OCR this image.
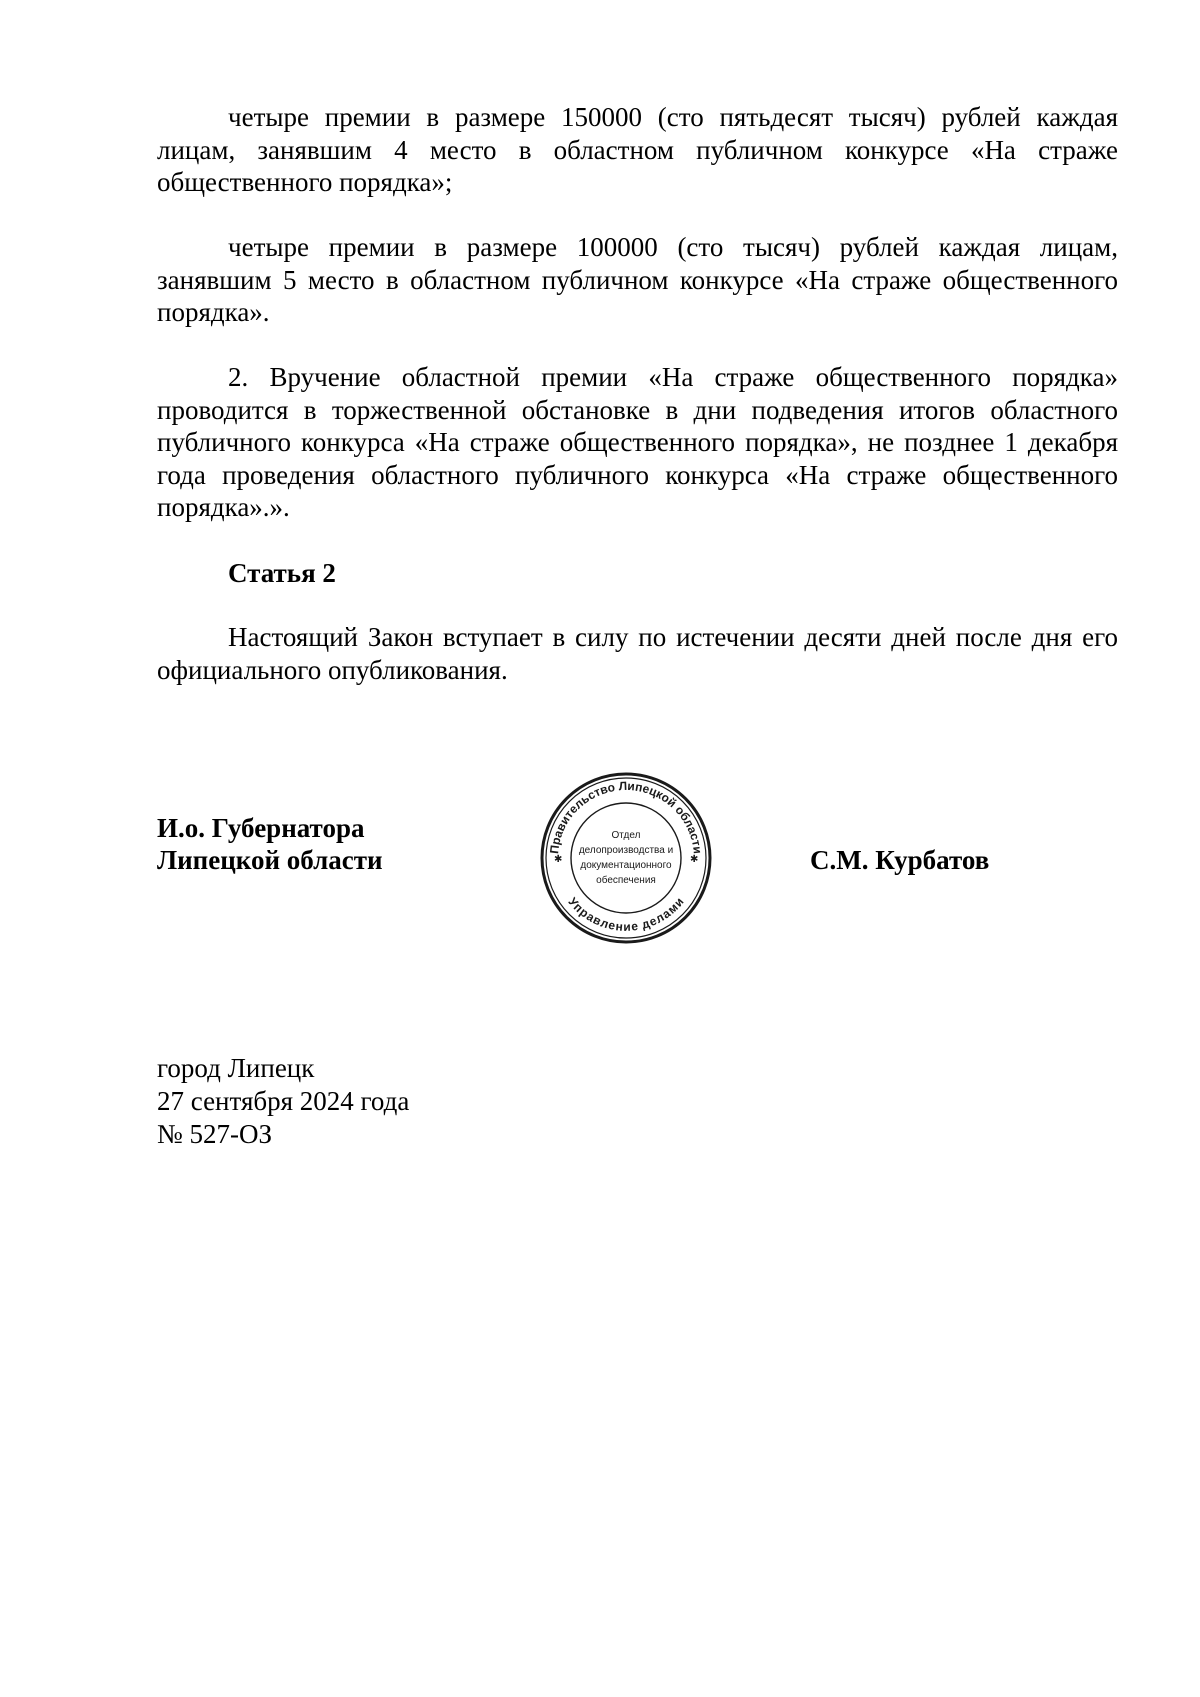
четыре премии в размере 150000 (сто пятьдесят тысяч) рублей каждая лицам, занявшим 4 место в областном публичном конкурсе «На страже общественного порядка»;

четыре премии в размере 100000 (сто тысяч) рублей каждая лицам, занявшим 5 место в областном публичном конкурсе «На страже общественного порядка».

2. Вручение областной премии «На страже общественного порядка» проводится в торжественной обстановке в дни подведения итогов областного публичного конкурса «На страже общественного порядка», не позднее 1 декабря года проведения областного публичного конкурса «На страже общественного порядка».».

Статья 2

Настоящий Закон вступает в силу по истечении десяти дней после дня его официального опубликования.

И.о. Губернатора
Липецкой области	Правительство Липецкой области
Управление делами
✱	✱
Отдел
делопроизводства и
документационного
обеспечения
С.М. Курбатов
город Липецк
27 сентября 2024 года
№ 527-ОЗ
